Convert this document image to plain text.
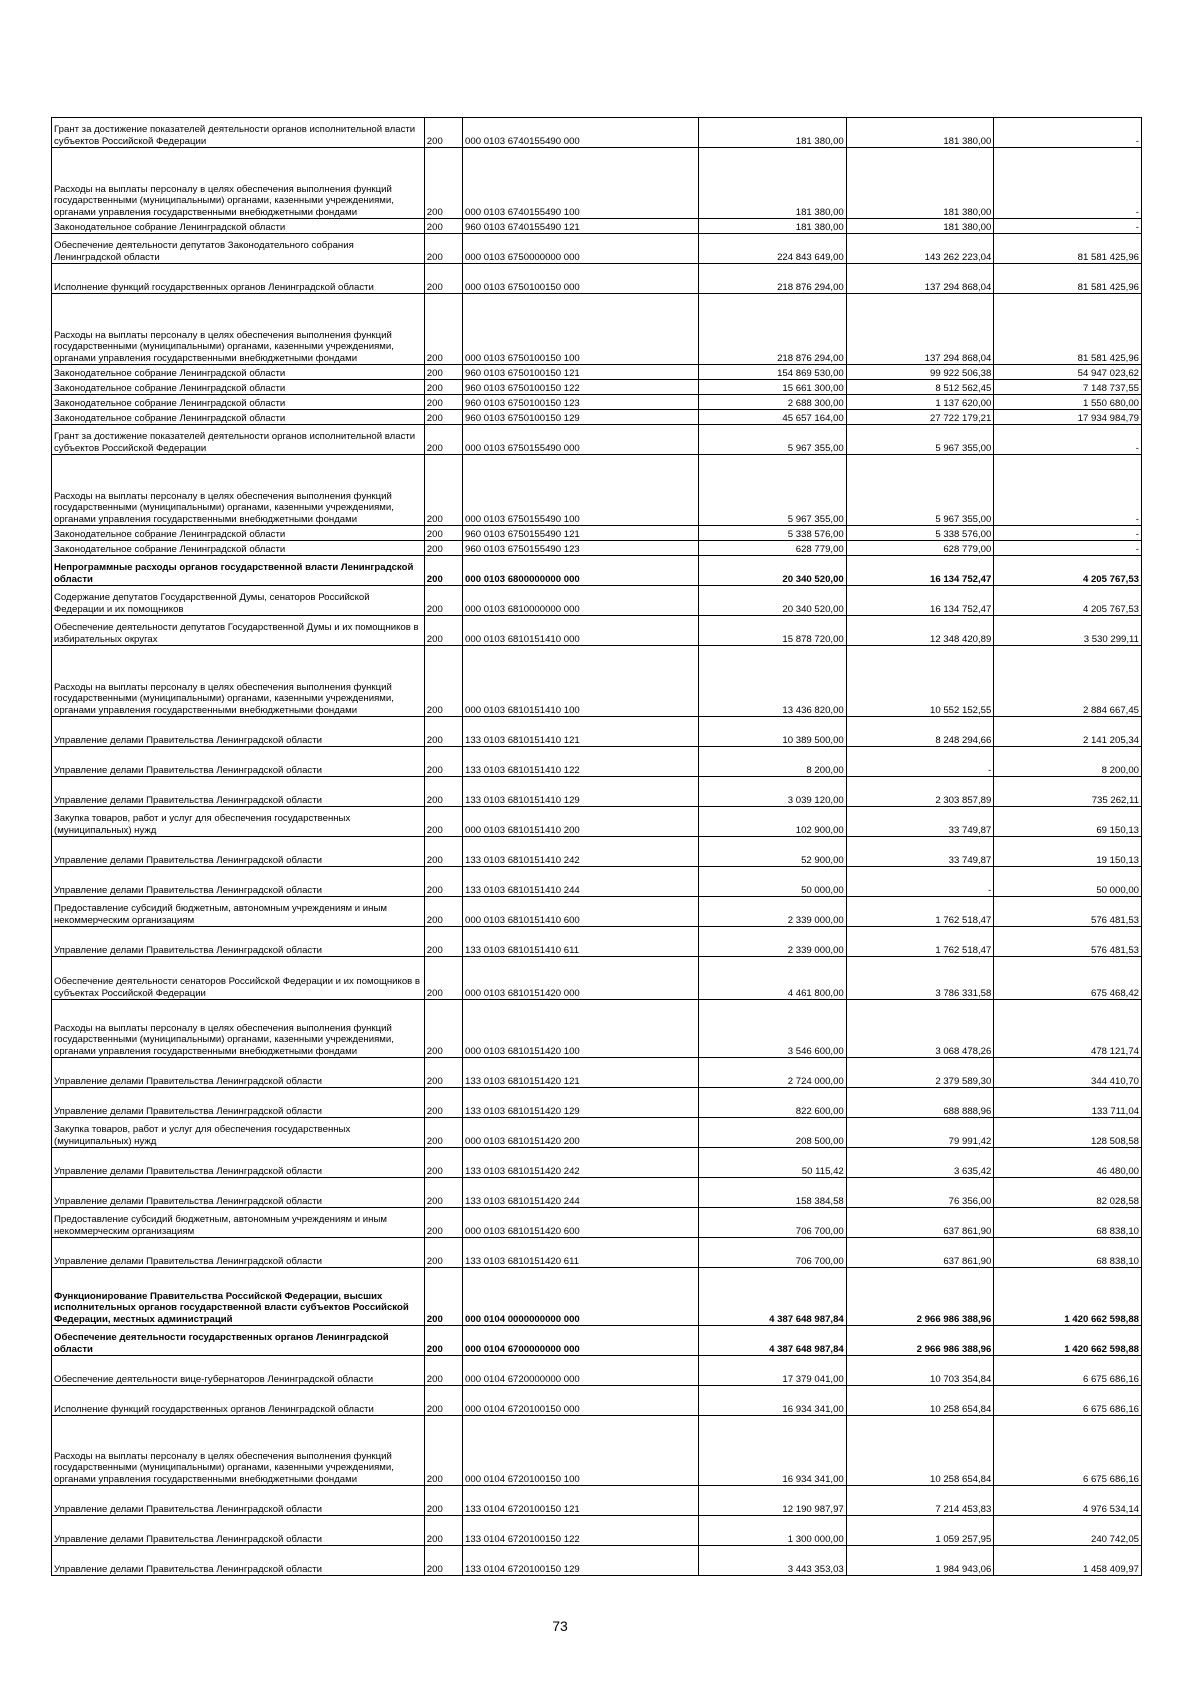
Грант за достижение показателей деятельности органов исполнительной власти субъектов Российской Федерации	200	000 0103 6740155490 000	181 380,00	181 380,00	-
Расходы на выплаты персоналу в целях обеспечения выполнения функций государственными (муниципальными) органами, казенными учреждениями, органами управления государственными внебюджетными фондами	200	000 0103 6740155490 100	181 380,00	181 380,00	-
Законодательное собрание Ленинградской области	200	960 0103 6740155490 121	181 380,00	181 380,00	-
Обеспечение деятельности депутатов Законодательного собрания Ленинградской области	200	000 0103 6750000000 000	224 843 649,00	143 262 223,04	81 581 425,96
Исполнение функций государственных органов Ленинградской области	200	000 0103 6750100150 000	218 876 294,00	137 294 868,04	81 581 425,96
Расходы на выплаты персоналу в целях обеспечения выполнения функций государственными (муниципальными) органами, казенными учреждениями, органами управления государственными внебюджетными фондами	200	000 0103 6750100150 100	218 876 294,00	137 294 868,04	81 581 425,96
Законодательное собрание Ленинградской области	200	960 0103 6750100150 121	154 869 530,00	99 922 506,38	54 947 023,62
Законодательное собрание Ленинградской области	200	960 0103 6750100150 122	15 661 300,00	8 512 562,45	7 148 737,55
Законодательное собрание Ленинградской области	200	960 0103 6750100150 123	2 688 300,00	1 137 620,00	1 550 680,00
Законодательное собрание Ленинградской области	200	960 0103 6750100150 129	45 657 164,00	27 722 179,21	17 934 984,79
Грант за достижение показателей деятельности органов исполнительной власти субъектов Российской Федерации	200	000 0103 6750155490 000	5 967 355,00	5 967 355,00	-
Расходы на выплаты персоналу в целях обеспечения выполнения функций государственными (муниципальными) органами, казенными учреждениями, органами управления государственными внебюджетными фондами	200	000 0103 6750155490 100	5 967 355,00	5 967 355,00	-
Законодательное собрание Ленинградской области	200	960 0103 6750155490 121	5 338 576,00	5 338 576,00	-
Законодательное собрание Ленинградской области	200	960 0103 6750155490 123	628 779,00	628 779,00	-
Непрограммные расходы органов государственной власти Ленинградской области	200	000 0103 6800000000 000	20 340 520,00	16 134 752,47	4 205 767,53
Содержание депутатов Государственной Думы, сенаторов Российской Федерации и их помощников	200	000 0103 6810000000 000	20 340 520,00	16 134 752,47	4 205 767,53
Обеспечение деятельности депутатов Государственной Думы и их помощников в избирательных округах	200	000 0103 6810151410 000	15 878 720,00	12 348 420,89	3 530 299,11
Расходы на выплаты персоналу в целях обеспечения выполнения функций государственными (муниципальными) органами, казенными учреждениями, органами управления государственными внебюджетными фондами	200	000 0103 6810151410 100	13 436 820,00	10 552 152,55	2 884 667,45
Управление делами Правительства Ленинградской области	200	133 0103 6810151410 121	10 389 500,00	8 248 294,66	2 141 205,34
Управление делами Правительства Ленинградской области	200	133 0103 6810151410 122	8 200,00	-	8 200,00
Управление делами Правительства Ленинградской области	200	133 0103 6810151410 129	3 039 120,00	2 303 857,89	735 262,11
Закупка товаров, работ и услуг для обеспечения государственных (муниципальных) нужд	200	000 0103 6810151410 200	102 900,00	33 749,87	69 150,13
Управление делами Правительства Ленинградской области	200	133 0103 6810151410 242	52 900,00	33 749,87	19 150,13
Управление делами Правительства Ленинградской области	200	133 0103 6810151410 244	50 000,00	-	50 000,00
Предоставление субсидий бюджетным, автономным учреждениям и иным некоммерческим организациям	200	000 0103 6810151410 600	2 339 000,00	1 762 518,47	576 481,53
Управление делами Правительства Ленинградской области	200	133 0103 6810151410 611	2 339 000,00	1 762 518,47	576 481,53
Обеспечение деятельности сенаторов Российской Федерации и их помощников в субъектах Российской Федерации	200	000 0103 6810151420 000	4 461 800,00	3 786 331,58	675 468,42
Расходы на выплаты персоналу в целях обеспечения выполнения функций государственными (муниципальными) органами, казенными учреждениями, органами управления государственными внебюджетными фондами	200	000 0103 6810151420 100	3 546 600,00	3 068 478,26	478 121,74
Управление делами Правительства Ленинградской области	200	133 0103 6810151420 121	2 724 000,00	2 379 589,30	344 410,70
Управление делами Правительства Ленинградской области	200	133 0103 6810151420 129	822 600,00	688 888,96	133 711,04
Закупка товаров, работ и услуг для обеспечения государственных (муниципальных) нужд	200	000 0103 6810151420 200	208 500,00	79 991,42	128 508,58
Управление делами Правительства Ленинградской области	200	133 0103 6810151420 242	50 115,42	3 635,42	46 480,00
Управление делами Правительства Ленинградской области	200	133 0103 6810151420 244	158 384,58	76 356,00	82 028,58
Предоставление субсидий бюджетным, автономным учреждениям и иным некоммерческим организациям	200	000 0103 6810151420 600	706 700,00	637 861,90	68 838,10
Управление делами Правительства Ленинградской области	200	133 0103 6810151420 611	706 700,00	637 861,90	68 838,10
Функционирование Правительства Российской Федерации, высших исполнительных органов государственной власти субъектов Российской Федерации, местных администраций	200	000 0104 0000000000 000	4 387 648 987,84	2 966 986 388,96	1 420 662 598,88
Обеспечение деятельности государственных органов Ленинградской области	200	000 0104 6700000000 000	4 387 648 987,84	2 966 986 388,96	1 420 662 598,88
Обеспечение деятельности вице-губернаторов Ленинградской области	200	000 0104 6720000000 000	17 379 041,00	10 703 354,84	6 675 686,16
Исполнение функций государственных органов Ленинградской области	200	000 0104 6720100150 000	16 934 341,00	10 258 654,84	6 675 686,16
Расходы на выплаты персоналу в целях обеспечения выполнения функций государственными (муниципальными) органами, казенными учреждениями, органами управления государственными внебюджетными фондами	200	000 0104 6720100150 100	16 934 341,00	10 258 654,84	6 675 686,16
Управление делами Правительства Ленинградской области	200	133 0104 6720100150 121	12 190 987,97	7 214 453,83	4 976 534,14
Управление делами Правительства Ленинградской области	200	133 0104 6720100150 122	1 300 000,00	1 059 257,95	240 742,05
Управление делами Правительства Ленинградской области	200	133 0104 6720100150 129	3 443 353,03	1 984 943,06	1 458 409,97
73
